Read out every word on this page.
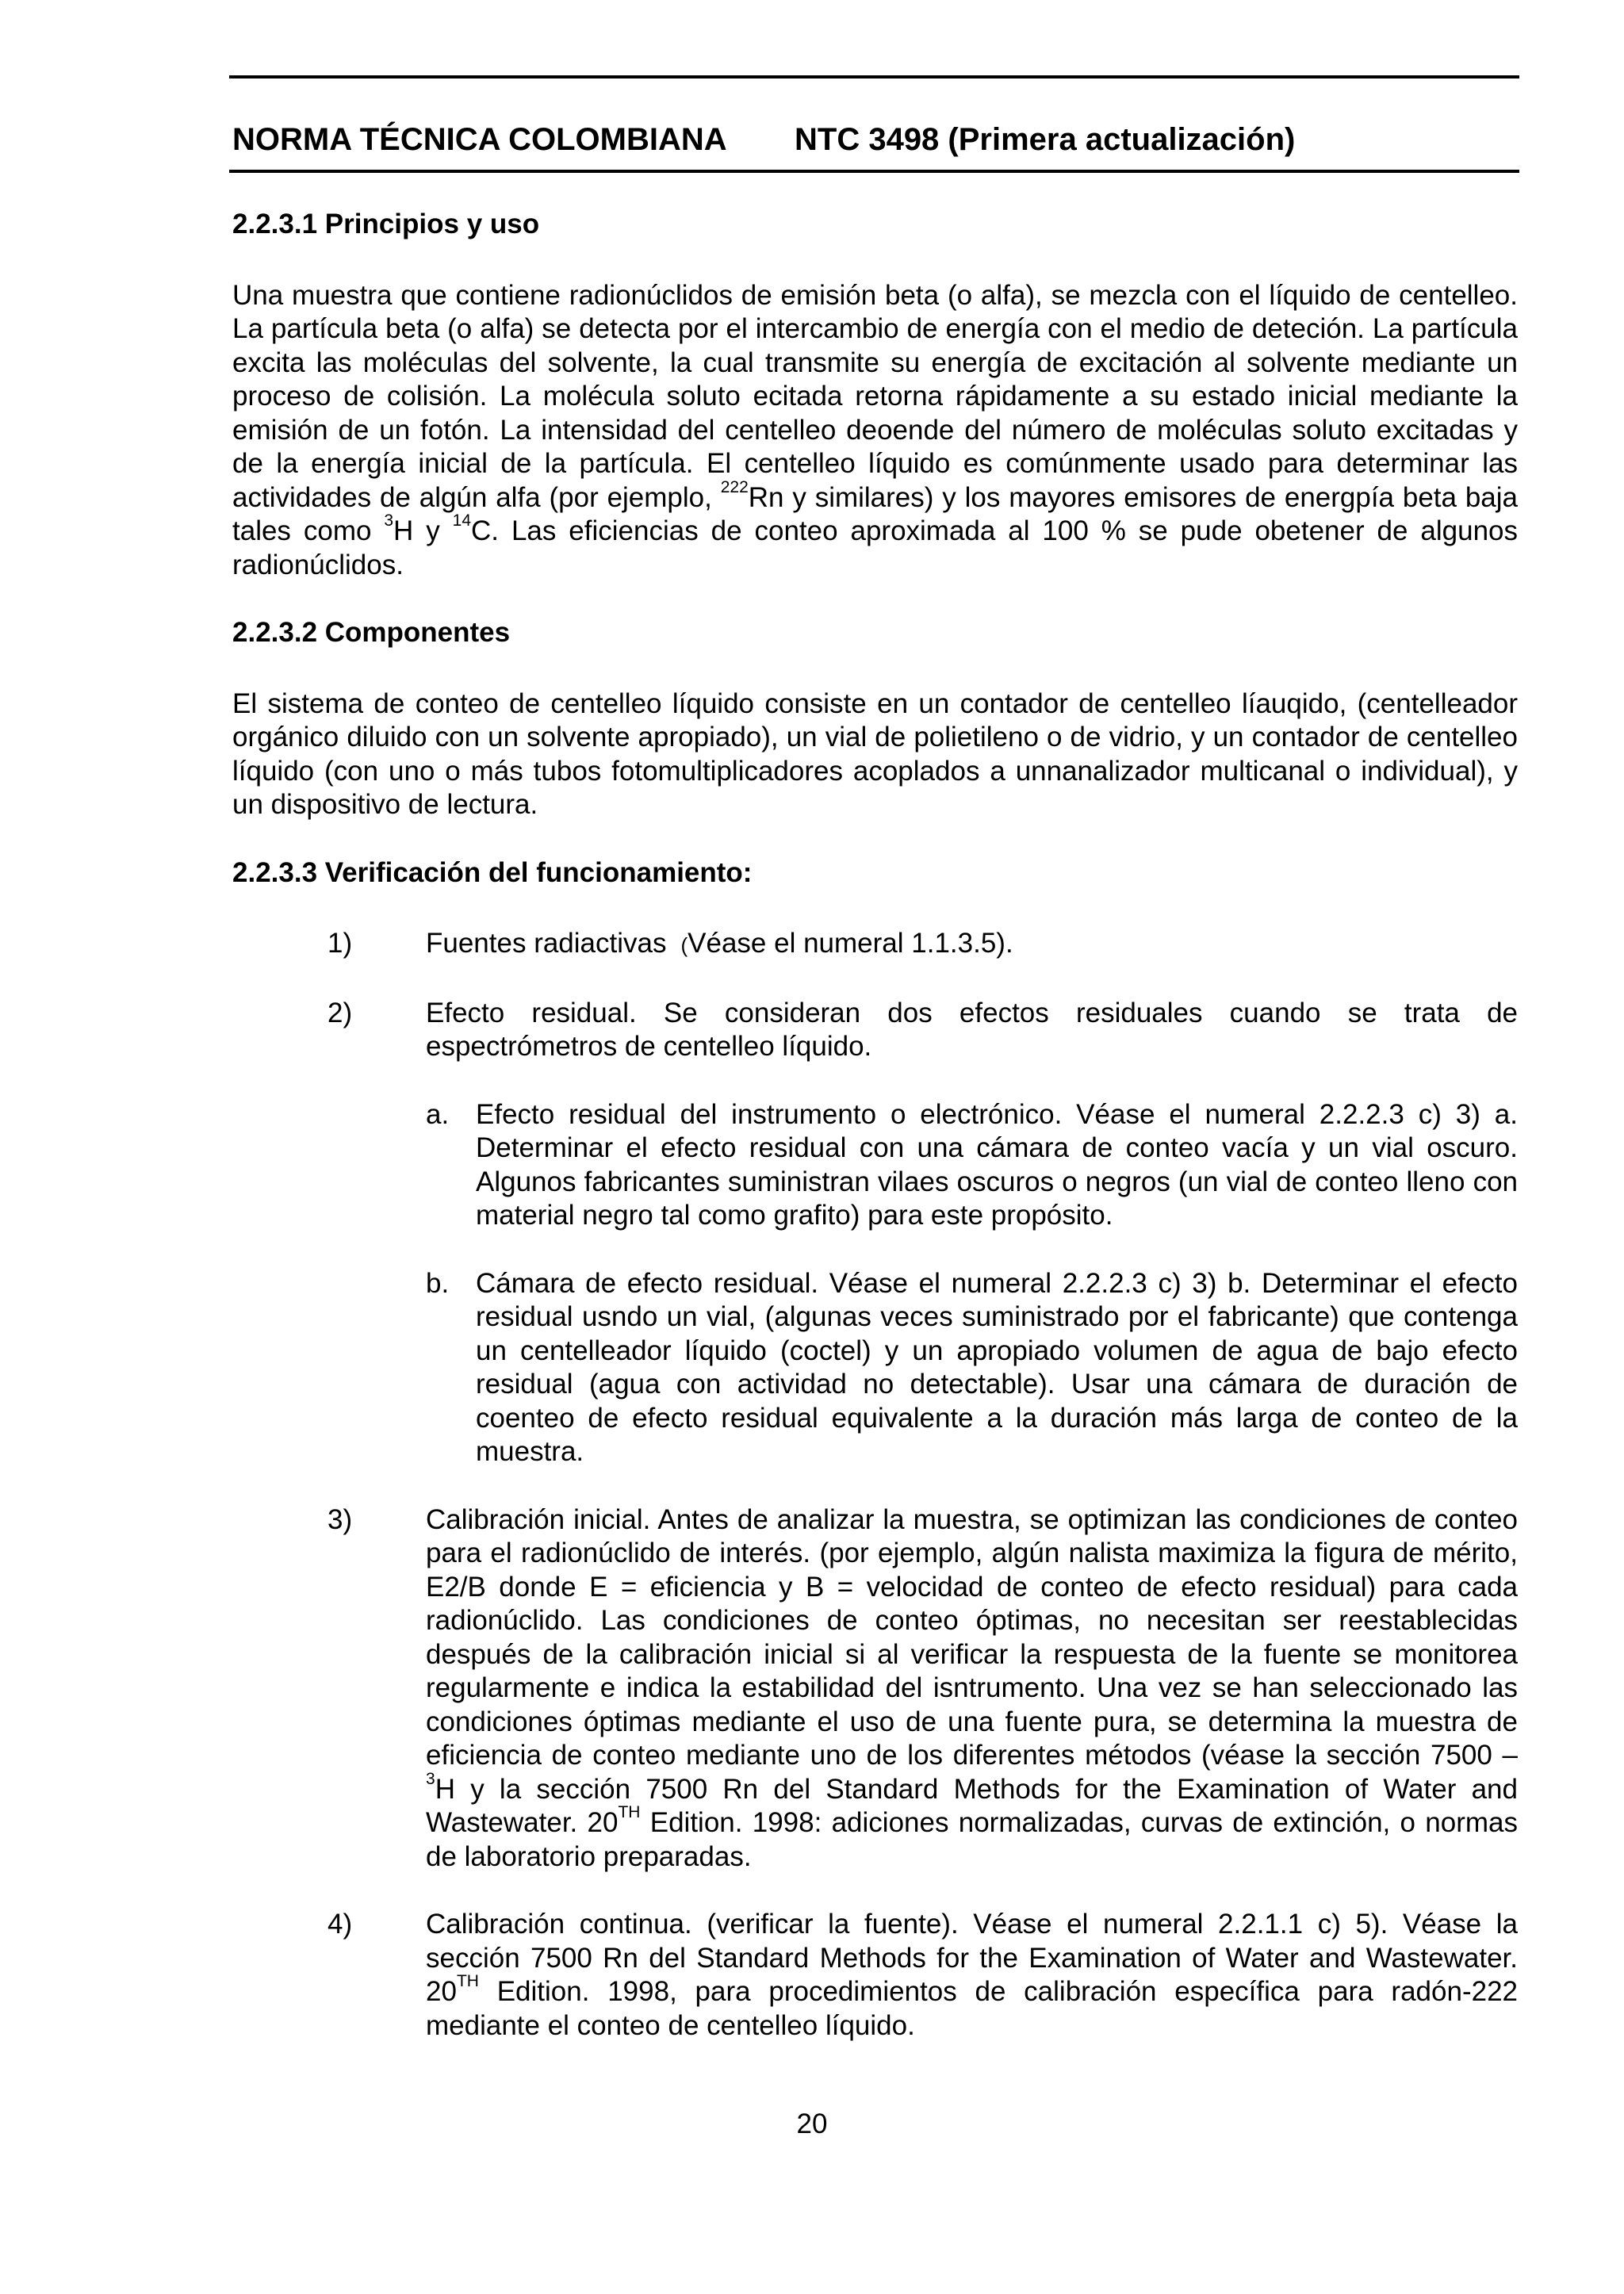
NORMA TÉCNICA COLOMBIANA NTC 3498 (Primera actualización)

2.2.3.1 Principios y uso

Una muestra que contiene radionúclidos de emisión beta (o alfa), se mezcla con el líquido de centelleo. La partícula beta (o alfa) se detecta por el intercambio de energía con el medio de deteción. La partícula excita las moléculas del solvente, la cual transmite su energía de excitación al solvente mediante un proceso de colisión. La molécula soluto ecitada retorna rápidamente a su estado inicial mediante la emisión de un fotón. La intensidad del centelleo deoende del número de moléculas soluto excitadas y de la energía inicial de la partícula. El centelleo líquido es comúnmente usado para determinar las actividades de algún alfa (por ejemplo, $^{222}$Rn y similares) y los mayores emisores de energpía beta baja tales como $^3$H y $^{14}$C. Las eficiencias de conteo aproximada al 100 % se pude obetener de algunos radionúclidos.

2.2.3.2 Componentes

El sistema de conteo de centelleo líquido consiste en un contador de centelleo líauqido, (centelleador orgánico diluido con un solvente apropiado), un vial de polietileno o de vidrio, y un contador de centelleo líquido (con uno o más tubos fotomultiplicadores acoplados a unnanalizador multicanal o individual), y un dispositivo de lectura.

2.2.3.3 Verificación del funcionamiento:

1)	Fuentes radiactivas (Véase el numeral 1.1.3.5).

2)	Efecto residual. Se consideran dos efectos residuales cuando se trata de espectrómetros de centelleo líquido.

a. Efecto residual del instrumento o electrónico. Véase el numeral 2.2.2.3 c) 3) a. Determinar el efecto residual con una cámara de conteo vacía y un vial oscuro. Algunos fabricantes suministran vilaes oscuros o negros (un vial de conteo lleno con material negro tal como grafito) para este propósito.

b. Cámara de efecto residual. Véase el numeral 2.2.2.3 c) 3) b. Determinar el efecto residual usndo un vial, (algunas veces suministrado por el fabricante) que contenga un centelleador líquido (coctel) y un apropiado volumen de agua de bajo efecto residual (agua con actividad no detectable). Usar una cámara de duración de coenteo de efecto residual equivalente a la duración más larga de conteo de la muestra.

3)	Calibración inicial. Antes de analizar la muestra, se optimizan las condiciones de conteo para el radionúclido de interés. (por ejemplo, algún nalista maximiza la figura de mérito, E2/B donde E = eficiencia y B = velocidad de conteo de efecto residual) para cada radionúclido. Las condiciones de conteo óptimas, no necesitan ser reestablecidas después de la calibración inicial si al verificar la respuesta de la fuente se monitorea regularmente e indica la estabilidad del isntrumento. Una vez se han seleccionado las condiciones óptimas mediante el uso de una fuente pura, se determina la muestra de eficiencia de conteo mediante uno de los diferentes métodos (véase la sección 7500 – $^3$H y la sección 7500 Rn del Standard Methods for the Examination of Water and Wastewater. 20TH Edition. 1998: adiciones normalizadas, curvas de extinción, o normas de laboratorio preparadas.

4)	Calibración continua. (verificar la fuente). Véase el numeral 2.2.1.1 c) 5). Véase la sección 7500 Rn del Standard Methods for the Examination of Water and Wastewater. 20TH Edition. 1998, para procedimientos de calibración específica para radón-222 mediante el conteo de centelleo líquido.

20
